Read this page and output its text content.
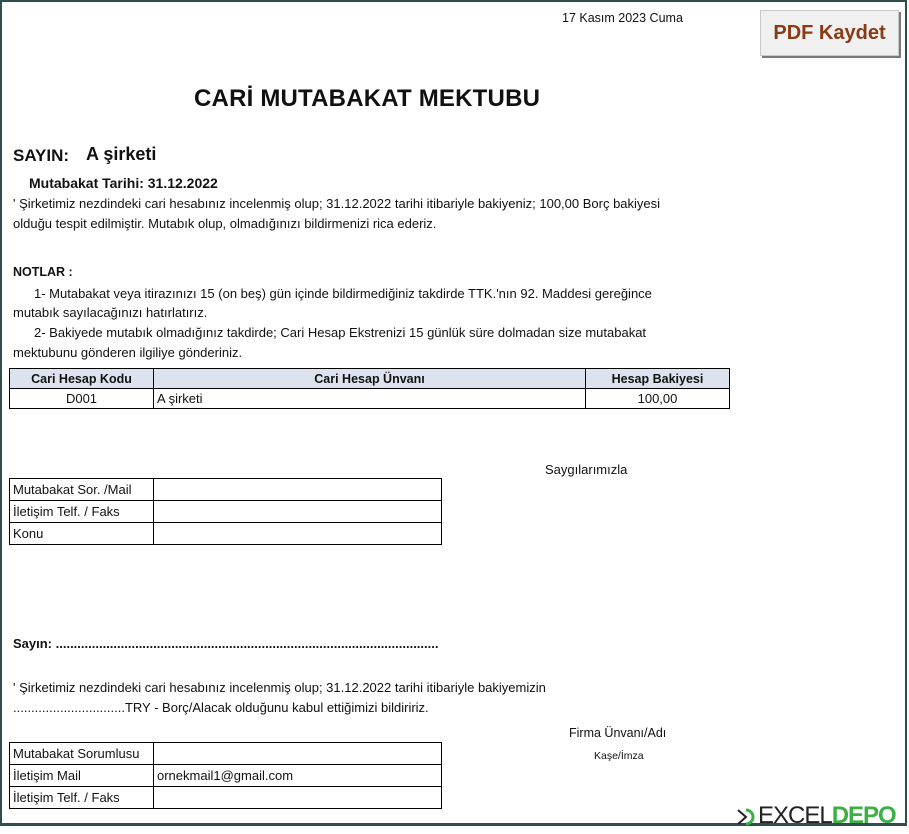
17 Kasım 2023 Cuma
PDF Kaydet
CARİ MUTABAKAT MEKTUBU
SAYIN: A şirketi
Mutabakat Tarihi: 31.12.2022
' Şirketimiz nezdindeki cari hesabınız incelenmiş olup; 31.12.2022 tarihi itibariyle bakiyeniz; 100,00 Borç bakiyesi
olduğu tespit edilmiştir. Mutabık olup, olmadığınızı bildirmenizi rica ederiz.
NOTLAR :
1- Mutabakat veya itirazınızı 15 (on beş) gün içinde bildirmediğiniz takdirde TTK.'nın 92. Maddesi gereğince
mutabık sayılacağınızı hatırlatırız.
2- Bakiyede mutabık olmadığınız takdirde; Cari Hesap Ekstrenizi 15 günlük süre dolmadan size mutabakat
mektubunu gönderen ilgiliye gönderiniz.
Cari Hesap Kodu	Cari Hesap Ünvanı	Hesap Bakiyesi
D001	A şirketi	100,00
Saygılarımızla
Mutabakat Sor. /Mail	
İletişim Telf. / Faks	
Konu	
Sayın: ..........................................................................................................
' Şirketimiz nezdindeki cari hesabınız incelenmiş olup; 31.12.2022 tarihi itibariyle bakiyemizin
...............................TRY - Borç/Alacak olduğunu kabul ettiğimizi bildiririz.
Firma Ünvanı/Adı
Kaşe/İmza
Mutabakat Sorumlusu	
İletişim Mail	ornekmail1@gmail.com
İletişim Telf. / Faks	
EXCEL DEPO
